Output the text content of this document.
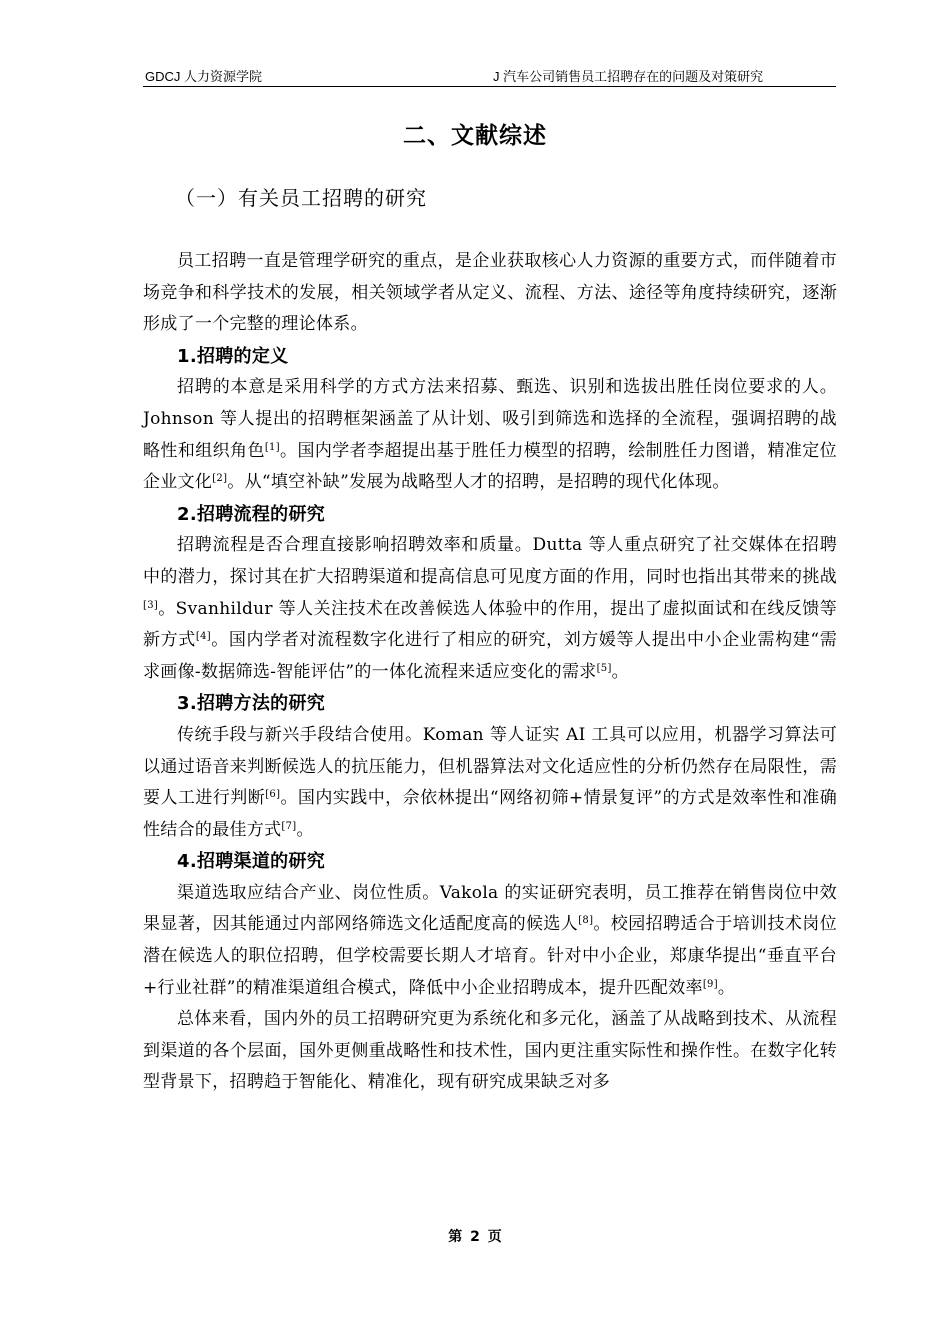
GDCJ 人力资源学院	J 汽车公司销售员工招聘存在的问题及对策研究
二、文献综述
（一）有关员工招聘的研究

员工招聘一直是管理学研究的重点，是企业获取核心人力资源的重要方式，而伴随着市场竞争和科学技术的发展，相关领域学者从定义、流程、方法、途径等角度持续研究，逐渐形成了一个完整的理论体系。

1.招聘的定义

招聘的本意是采用科学的方式方法来招募、甄选、识别和选拔出胜任岗位要求的人。Johnson 等人提出的招聘框架涵盖了从计划、吸引到筛选和选择的全流程，强调招聘的战略性和组织角色[1]。国内学者李超提出基于胜任力模型的招聘，绘制胜任力图谱，精准定位企业文化[2]。从“填空补缺”发展为战略型人才的招聘，是招聘的现代化体现。

2.招聘流程的研究

招聘流程是否合理直接影响招聘效率和质量。Dutta 等人重点研究了社交媒体在招聘中的潜力，探讨其在扩大招聘渠道和提高信息可见度方面的作用，同时也指出其带来的挑战[3]。Svanhildur 等人关注技术在改善候选人体验中的作用，提出了虚拟面试和在线反馈等新方式[4]。国内学者对流程数字化进行了相应的研究，刘方媛等人提出中小企业需构建“需求画像-数据筛选-智能评估”的一体化流程来适应变化的需求[5]。

3.招聘方法的研究

传统手段与新兴手段结合使用。Koman 等人证实 AI 工具可以应用，机器学习算法可以通过语音来判断候选人的抗压能力，但机器算法对文化适应性的分析仍然存在局限性，需要人工进行判断[6]。国内实践中，佘依林提出“网络初筛+情景复评”的方式是效率性和准确性结合的最佳方式[7]。

4.招聘渠道的研究

渠道选取应结合产业、岗位性质。Vakola 的实证研究表明，员工推荐在销售岗位中效果显著，因其能通过内部网络筛选文化适配度高的候选人[8]。校园招聘适合于培训技术岗位潜在候选人的职位招聘，但学校需要长期人才培育。针对中小企业，郑康华提出“垂直平台+行业社群”的精准渠道组合模式，降低中小企业招聘成本，提升匹配效率[9]。

总体来看，国内外的员工招聘研究更为系统化和多元化，涵盖了从战略到技术、从流程到渠道的各个层面，国外更侧重战略性和技术性，国内更注重实际性和操作性。在数字化转型背景下，招聘趋于智能化、精准化，现有研究成果缺乏对多

第 2 页
